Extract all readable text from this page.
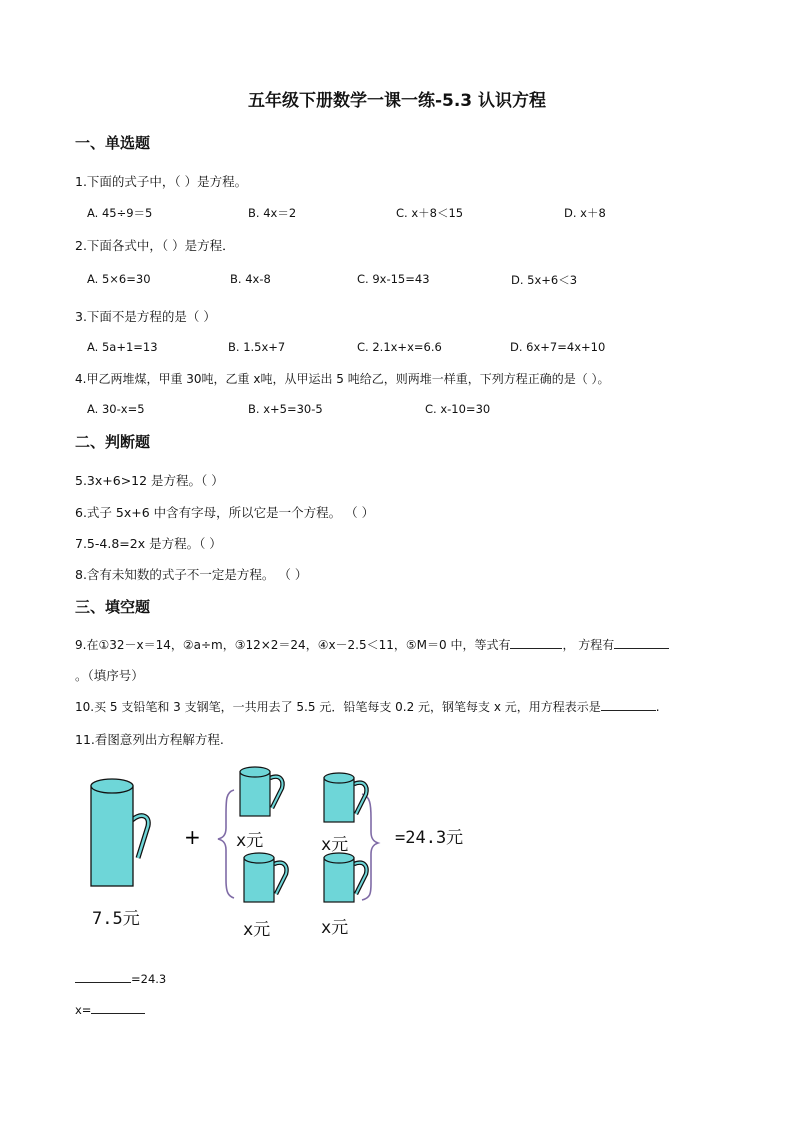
五年级下册数学一课一练-5.3 认识方程
一、单选题
1.下面的式子中，（ ）是方程。
A. 45÷9＝5	B. 4x＝2	C. x＋8＜15	D. x＋8
2.下面各式中，（ ）是方程．
A. 5×6=30	B. 4x-8	C. 9x-15=43	D. 5x+6＜3
3.下面不是方程的是（ ）
A. 5a+1=13	B. 1.5x+7	C. 2.1x+x=6.6	D. 6x+7=4x+10
4.甲乙两堆煤，甲重 30吨，乙重 x吨，从甲运出 5 吨给乙，则两堆一样重，下列方程正确的是（ ）。
A. 30-x=5	B. x+5=30-5	C. x-10=30
二、判断题
5.3x+6>12 是方程。（ ）
6.式子 5x+6 中含有字母，所以它是一个方程。 （ ）
7.5-4.8=2x 是方程。（ ）
8.含有未知数的式子不一定是方程。 （ ）
三、填空题
9.在①32－x＝14，②a÷m，③12×2＝24，④x－2.5＜11，⑤M＝0 中，等式有	， 方程有
。（填序号）
10.买 5 支铅笔和 3 支钢笔，一共用去了 5.5 元．铅笔每支 0.2 元，钢笔每支 x 元，用方程表示是	.
11.看图意列出方程解方程.
+ x元	x元
x元	x元
7.5元
=24.3元
=24.3
x=
